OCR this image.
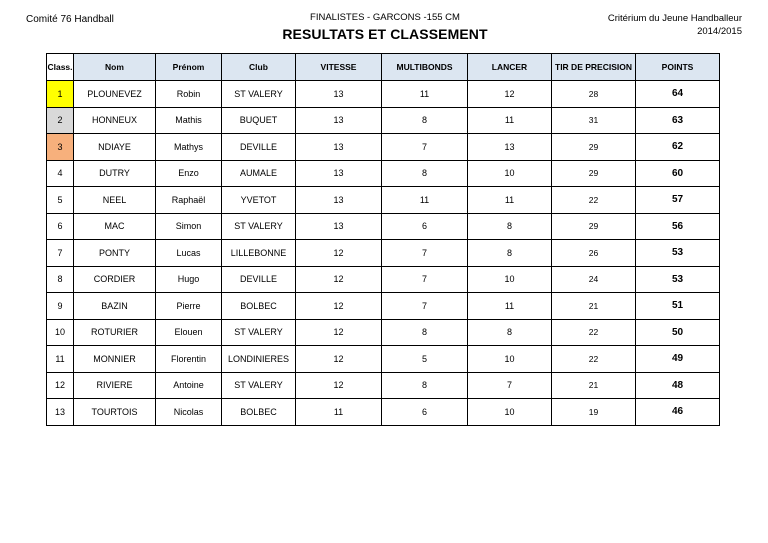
Comité 76 Handball	FINALISTES - GARCONS -155 CM
RESULTATS ET CLASSEMENT
Critérium du Jeune Handballeur
2014/2015
Class.	Nom	Prénom	Club	VITESSE	MULTIBONDS	LANCER	TIR DE PRECISION	POINTS
1	PLOUNEVEZ	Robin	ST VALERY	13	11	12	28	64
2	HONNEUX	Mathis	BUQUET	13	8	11	31	63
3	NDIAYE	Mathys	DEVILLE	13	7	13	29	62
4	DUTRY	Enzo	AUMALE	13	8	10	29	60
5	NEEL	Raphaël	YVETOT	13	11	11	22	57
6	MAC	Simon	ST VALERY	13	6	8	29	56
7	PONTY	Lucas	LILLEBONNE	12	7	8	26	53
8	CORDIER	Hugo	DEVILLE	12	7	10	24	53
9	BAZIN	Pierre	BOLBEC	12	7	11	21	51
10	ROTURIER	Elouen	ST VALERY	12	8	8	22	50
11	MONNIER	Florentin	LONDINIERES	12	5	10	22	49
12	RIVIERE	Antoine	ST VALERY	12	8	7	21	48
13	TOURTOIS	Nicolas	BOLBEC	11	6	10	19	46
